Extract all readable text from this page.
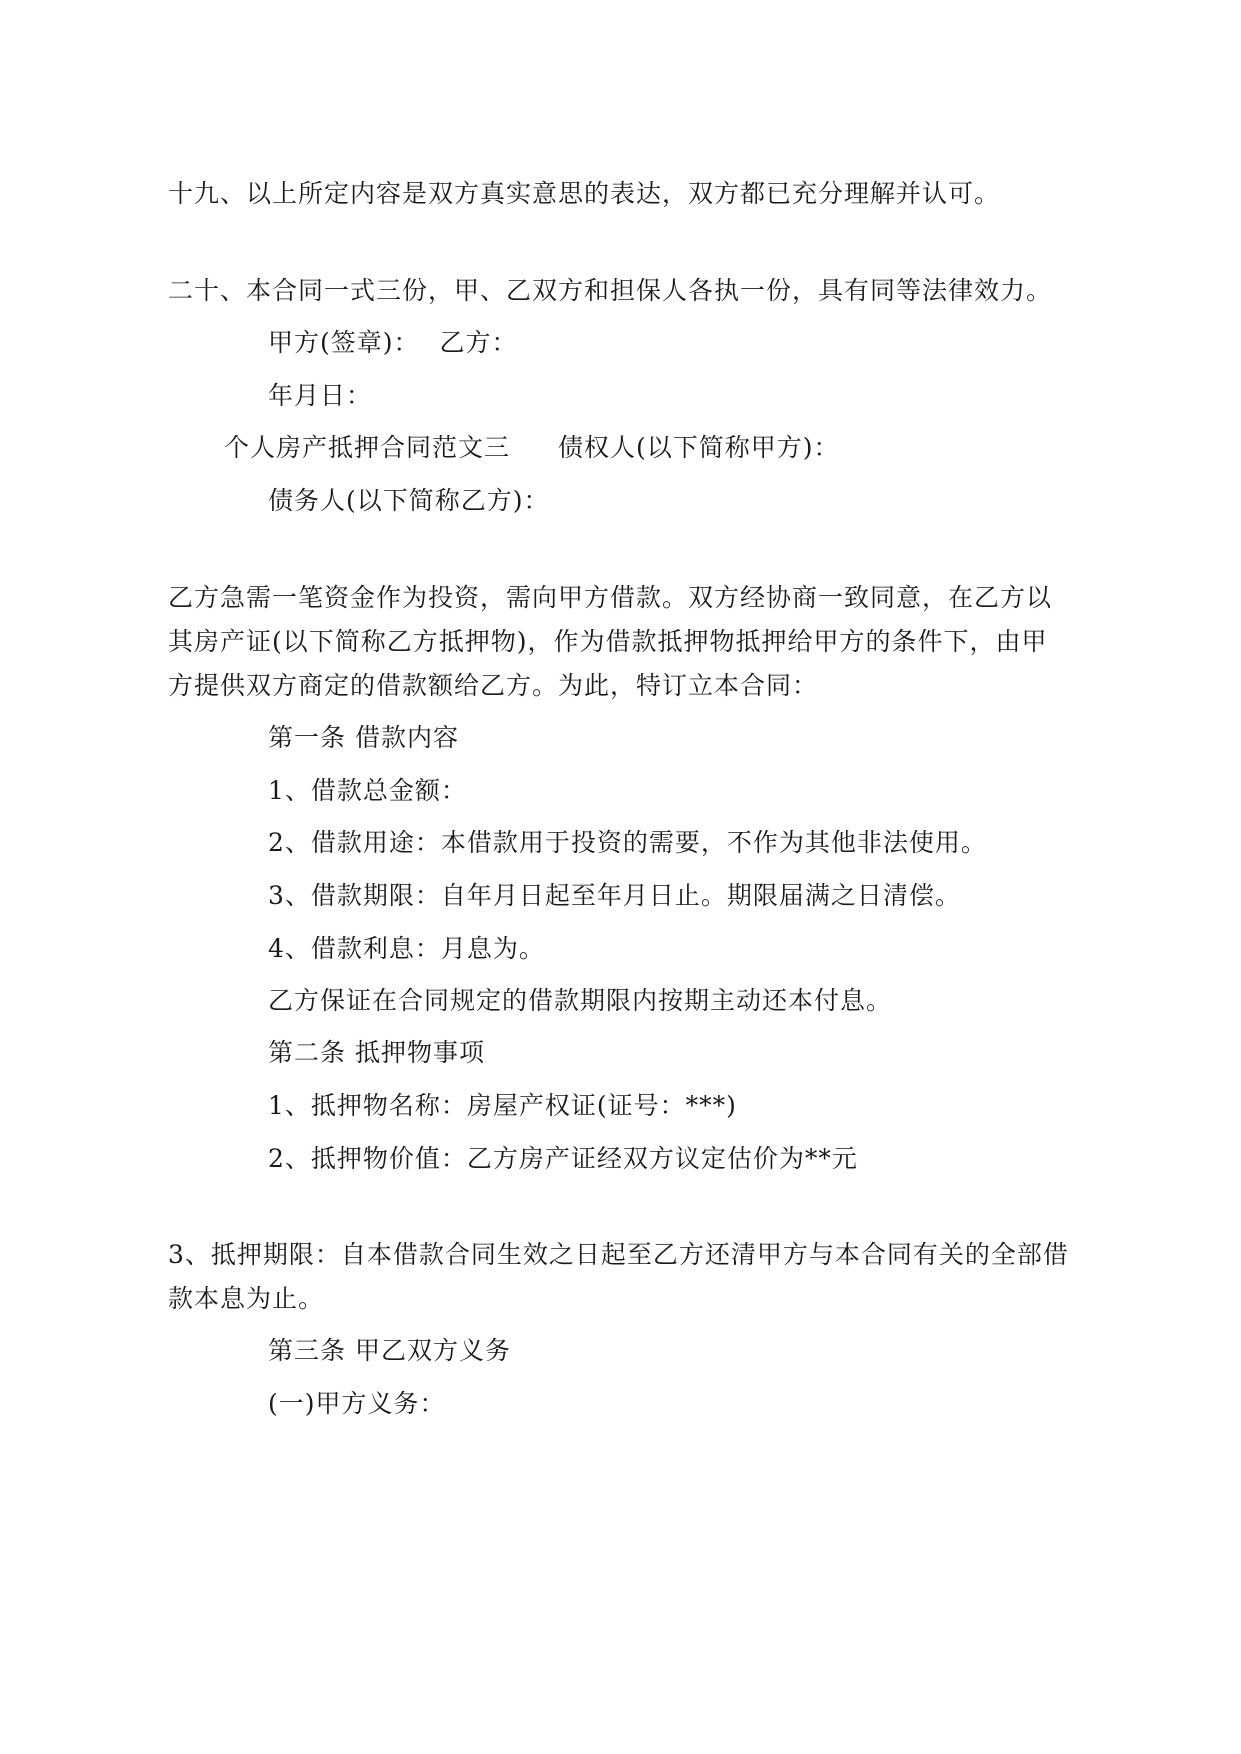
十九、以上所定内容是双方真实意思的表达，双方都已充分理解并认可。
二十、本合同一式三份，甲、乙双方和担保人各执一份，具有同等法律效力。
甲方(签章)： 乙方：
年月日：
个人房产抵押合同范文三 债权人(以下简称甲方)：
债务人(以下简称乙方)：
乙方急需一笔资金作为投资，需向甲方借款。双方经协商一致同意，在乙方以
其房产证(以下简称乙方抵押物)，作为借款抵押物抵押给甲方的条件下，由甲
方提供双方商定的借款额给乙方。为此，特订立本合同：
第一条 借款内容
1、借款总金额：
2、借款用途：本借款用于投资的需要，不作为其他非法使用。
3、借款期限：自年月日起至年月日止。期限届满之日清偿。
4、借款利息：月息为。
乙方保证在合同规定的借款期限内按期主动还本付息。
第二条 抵押物事项
1、抵押物名称：房屋产权证(证号：***)
2、抵押物价值：乙方房产证经双方议定估价为**元
3、抵押期限：自本借款合同生效之日起至乙方还清甲方与本合同有关的全部借
款本息为止。
第三条 甲乙双方义务
(一)甲方义务：
